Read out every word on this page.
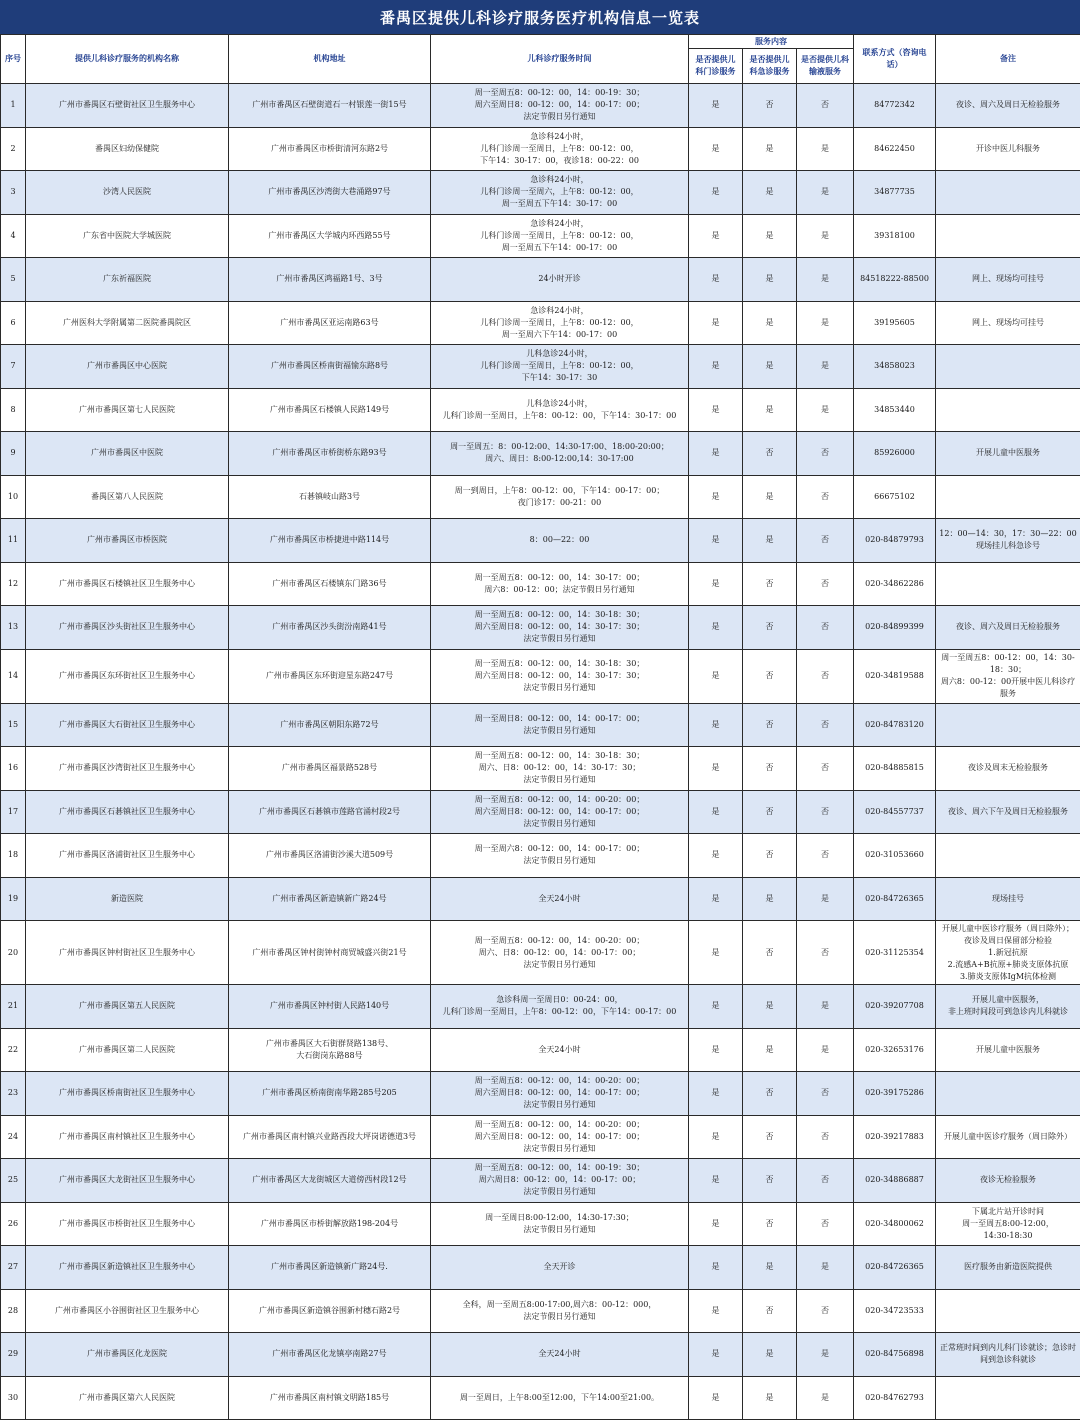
番禺区提供儿科诊疗服务医疗机构信息一览表
序号	提供儿科诊疗服务的机构名称	机构地址	儿科诊疗服务时间	服务内容			联系方式（咨询电话）	备注
				是否提供儿科门诊服务	是否提供儿科急诊服务	是否提供儿科输液服务		
1	广州市番禺区石壁街社区卫生服务中心	广州市番禺区石壁街道石一村银莲一街15号	周一至周五8：00-12：00，14：00-19：30；
周六至周日8：00-12：00，14：00-17：00；
法定节假日另行通知	是	否	否	84772342	夜诊、周六及周日无检验服务
2	番禺区妇幼保健院	广州市番禺区市桥街清河东路2号	急诊科24小时，
儿科门诊周一至周日，上午8：00-12：00，
下午14：30-17：00，夜诊18：00-22：00	是	是	是	84622450	开诊中医儿科服务
3	沙湾人民医院	广州市番禺区沙湾街大巷涌路97号	急诊科24小时，
儿科门诊周一至周六，上午8：00-12：00，
周一至周五下午14：30-17：00	是	是	是	34877735	
4	广东省中医院大学城医院	广州市番禺区大学城内环西路55号	急诊科24小时，
儿科门诊周一至周日，上午8：00-12：00，
周一至周五下午14：00-17：00	是	是	是	39318100	
5	广东祈福医院	广州市番禺区鸿福路1号、3号	24小时开诊	是	是	是	84518222-88500	网上、现场均可挂号
6	广州医科大学附属第二医院番禺院区	广州市番禺区亚运南路63号	急诊科24小时，
儿科门诊周一至周日，上午8：00-12：00，
周一至周六下午14：00-17：00	是	是	是	39195605	网上、现场均可挂号
7	广州市番禺区中心医院	广州市番禺区桥南街福愉东路8号	儿科急诊24小时，
儿科门诊周一至周日，上午8：00-12：00，
下午14：30-17：30	是	是	是	34858023	
8	广州市番禺区第七人民医院	广州市番禺区石楼镇人民路149号	儿科急诊24小时，
儿科门诊周一至周日，上午8：00-12：00，下午14：30-17：00	是	是	是	34853440	
9	广州市番禺区中医院	广州市番禺区市桥街桥东路93号	周一至周五：8：00-12:00、14:30-17:00、18:00-20:00；
周六、周日：8:00-12:00,14：30-17:00	是	否	否	85926000	开展儿童中医服务
10	番禺区第八人民医院	石碁镇岐山路3号	周一到周日，上午8：00-12：00，下午14：00-17：00；
夜门诊17：00-21：00	是	是	否	66675102	
11	广州市番禺区市桥医院	广州市番禺区市桥捷进中路114号	8：00—22：00	是	是	否	020-84879793	12：00—14：30，17：30—22：00
现场挂儿科急诊号
12	广州市番禺区石楼镇社区卫生服务中心	广州市番禺区石楼镇东门路36号	周一至周五8：00-12：00，14：30-17：00；
周六8：00-12：00；法定节假日另行通知	是	否	否	020-34862286	
13	广州市番禺区沙头街社区卫生服务中心	广州市番禺区沙头街汾南路41号	周一至周五8：00-12：00，14：30-18：30；
周六至周日8：00-12：00，14：30-17：30；
法定节假日另行通知	是	否	否	020-84899399	夜诊、周六及周日无检验服务
14	广州市番禺区东环街社区卫生服务中心	广州市番禺区东环街迎星东路247号	周一至周五8：00-12：00，14：30-18：30；
周六至周日8：00-12：00，14：30-17：30；
法定节假日另行通知	是	否	否	020-34819588	周一至周五8：00-12：00，14：30-18：30；
周六8：00-12：00开展中医儿科诊疗服务
15	广州市番禺区大石街社区卫生服务中心	广州市番禺区朝阳东路72号	周一至周日8：00-12：00，14：00-17：00；
法定节假日另行通知	是	否	否	020-84783120	
16	广州市番禺区沙湾街社区卫生服务中心	广州市番禺区福景路528号	周一至周五8：00-12：00，14：30-18：30；
周六、日8：00-12：00，14：30-17：30；
法定节假日另行通知	是	否	否	020-84885815	夜诊及周末无检验服务
17	广州市番禺区石碁镇社区卫生服务中心	广州市番禺区石碁镇市莲路官涌村段2号	周一至周五8：00-12：00，14：00-20：00；
周六至周日8：00-12：00，14：00-17：00；
法定节假日另行通知	是	否	否	020-84557737	夜诊、周六下午及周日无检验服务
18	广州市番禺区洛浦街社区卫生服务中心	广州市番禺区洛浦街沙溪大道509号	周一至周六8：00-12：00，14：00-17：00；
法定节假日另行通知	是	否	否	020-31053660	
19	新造医院	广州市番禺区新造镇新广路24号	全天24小时	是	是	是	020-84726365	现场挂号
20	广州市番禺区钟村街社区卫生服务中心	广州市番禺区钟村街钟村商贸城盛兴街21号	周一至周五8：00-12：00，14：00-20：00；
周六、日8：00-12：00，14：00-17：00；
法定节假日另行通知	是	否	否	020-31125354	开展儿童中医诊疗服务（周日除外）；夜诊及周日保留部分检验
1.新冠抗原
2.流感A+B抗原+肺炎支原体抗原
3.肺炎支原体IgM抗体检测
21	广州市番禺区第五人民医院	广州市番禺区钟村街人民路140号	急诊科周一至周日0：00-24：00，
儿科门诊周一至周日，上午8：00-12：00，下午14：00-17：00	是	是	是	020-39207708	开展儿童中医服务，
非上班时间段可到急诊内儿科就诊
22	广州市番禺区第二人民医院	广州市番禺区大石街群贤路138号、
大石街岗东路88号	全天24小时	是	是	是	020-32653176	开展儿童中医服务
23	广州市番禺区桥南街社区卫生服务中心	广州市番禺区桥南街南华路285号205	周一至周五8：00-12：00，14：00-20：00；
周六至周日8：00-12：00，14：00-17：00；
法定节假日另行通知	是	否	否	020-39175286	
24	广州市番禺区南村镇社区卫生服务中心	广州市番禺区南村镇兴业路西段大坪岗诺德道3号	周一至周五8：00-12：00，14：00-20：00；
周六至周日8：00-12：00，14：00-17：00；
法定节假日另行通知	是	否	否	020-39217883	开展儿童中医诊疗服务（周日除外）
25	广州市番禺区大龙街社区卫生服务中心	广州市番禺区大龙街城区大道傍西村段12号	周一至周五8：00-12：00，14：00-19：30；
周六周日8：00-12：00，14：00-17：00；
法定节假日另行通知	是	否	否	020-34886887	夜诊无检验服务
26	广州市番禺区市桥街社区卫生服务中心	广州市番禺区市桥街解放路198-204号	周一至周日8:00-12:00，14:30-17:30；
法定节假日另行通知	是	否	否	020-34800062	下属北片站开诊时间
周一至周五8:00-12:00，
14:30-18:30
27	广州市番禺区新造镇社区卫生服务中心	广州市番禺区新造镇新广路24号.	全天开诊	是	是	是	020-84726365	医疗服务由新造医院提供
28	广州市番禺区小谷围街社区卫生服务中心	广州市番禺区新造镇谷围新村穗石路2号	全科，周一至周五8:00-17:00,周六8：00-12：000，
法定节假日另行通知	是	否	否	020-34723533	
29	广州市番禺区化龙医院	广州市番禺区化龙镇亭南路27号	全天24小时	是	是	是	020-84756898	正常班时间到内儿科门诊就诊；急诊时间到急诊科就诊
30	广州市番禺区第六人民医院	广州市番禺区南村镇文明路185号	周一至周日，上午8:00至12:00，下午14:00至21:00。	是	是	是	020-84762793	
